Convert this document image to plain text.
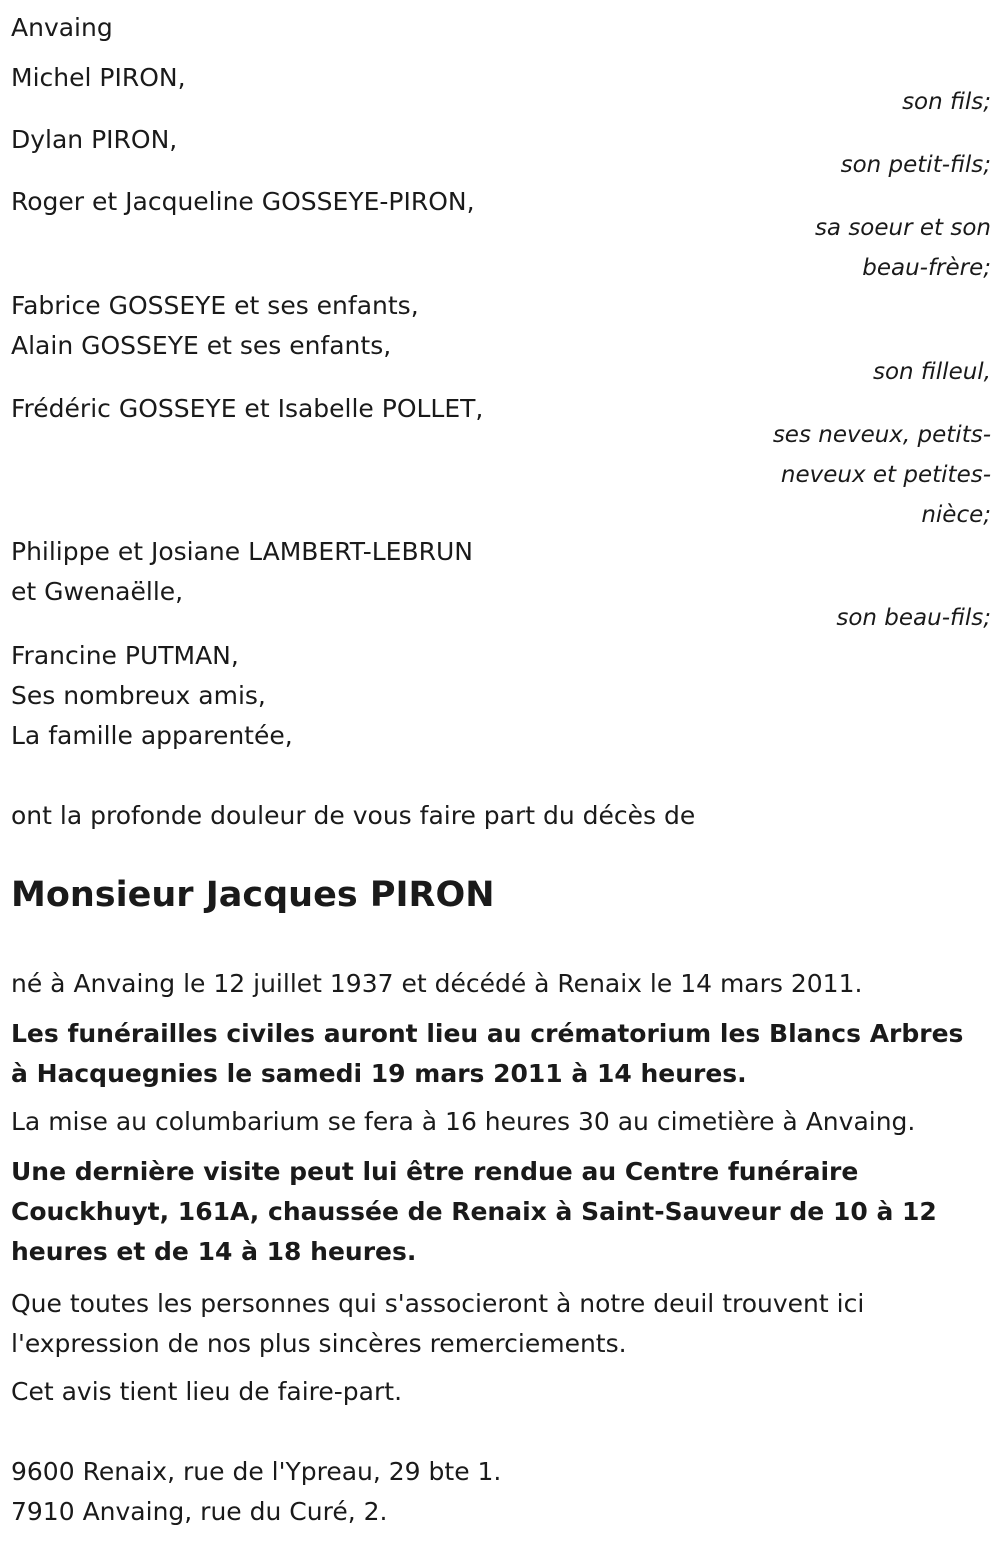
Anvaing
Michel PIRON,
son fils;
Dylan PIRON,
son petit-fils;
Roger et Jacqueline GOSSEYE-PIRON,
sa soeur et son
beau-frère;
Fabrice GOSSEYE et ses enfants,
Alain GOSSEYE et ses enfants,
son filleul,
Frédéric GOSSEYE et Isabelle POLLET,
ses neveux, petits-
neveux et petites-
nièce;
Philippe et Josiane LAMBERT-LEBRUN
et Gwenaëlle,
son beau-fils;
Francine PUTMAN,
Ses nombreux amis,
La famille apparentée,
ont la profonde douleur de vous faire part du décès de
Monsieur Jacques PIRON
né à Anvaing le 12 juillet 1937 et décédé à Renaix le 14 mars 2011.
Les funérailles civiles auront lieu au crématorium les Blancs Arbres à Hacquegnies le samedi 19 mars 2011 à 14 heures.
La mise au columbarium se fera à 16 heures 30 au cimetière à Anvaing.
Une dernière visite peut lui être rendue au Centre funéraire Couckhuyt, 161A, chaussée de Renaix à Saint-Sauveur de 10 à 12 heures et de 14 à 18 heures.
Que toutes les personnes qui s'associeront à notre deuil trouvent ici l'expression de nos plus sincères remerciements.
Cet avis tient lieu de faire-part.
9600 Renaix, rue de l'Ypreau, 29 bte 1.
7910 Anvaing, rue du Curé, 2.
